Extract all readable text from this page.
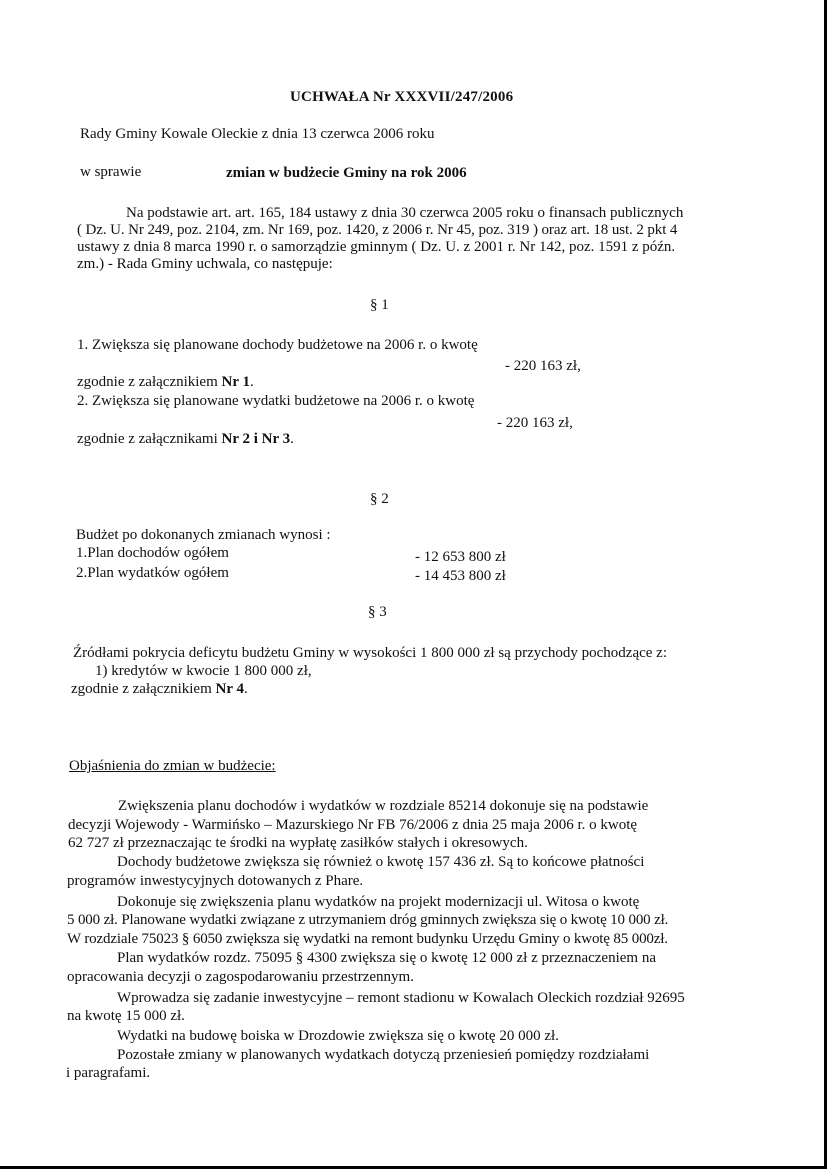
UCHWAŁA Nr XXXVII/247/2006
Rady Gminy Kowale Oleckie z dnia 13 czerwca 2006 roku
w sprawie	zmian w budżecie Gminy na rok 2006
Na podstawie art. art. 165, 184 ustawy z dnia 30 czerwca 2005 roku o finansach publicznych
( Dz. U. Nr 249, poz. 2104, zm. Nr 169, poz. 1420, z 2006 r. Nr 45, poz. 319 ) oraz art. 18 ust. 2 pkt 4
ustawy z dnia 8 marca 1990 r. o samorządzie gminnym ( Dz. U. z 2001 r. Nr 142, poz. 1591 z późn.
zm.) - Rada Gminy uchwala, co następuje:
§ 1
1. Zwiększa się planowane dochody budżetowe na 2006 r. o kwotę
- 220 163 zł,
zgodnie z załącznikiem Nr 1.
2. Zwiększa się planowane wydatki budżetowe na 2006 r. o kwotę
- 220 163 zł,
zgodnie z załącznikami Nr 2 i Nr 3.
§ 2
Budżet po dokonanych zmianach wynosi :
1.Plan dochodów ogółem	- 12 653 800 zł
2.Plan wydatków ogółem	- 14 453 800 zł
§ 3
Źródłami pokrycia deficytu budżetu Gminy w wysokości 1 800 000 zł są przychody pochodzące z:
1) kredytów w kwocie 1 800 000 zł,
zgodnie z załącznikiem Nr 4.
Objaśnienia do zmian w budżecie:
Zwiększenia planu dochodów i wydatków w rozdziale 85214 dokonuje się na podstawie
decyzji Wojewody - Warmińsko – Mazurskiego Nr FB 76/2006 z dnia 25 maja 2006 r. o kwotę
62 727 zł przeznaczając te środki na wypłatę zasiłków stałych i okresowych.
Dochody budżetowe zwiększa się również o kwotę 157 436 zł. Są to końcowe płatności
programów inwestycyjnych dotowanych z Phare.
Dokonuje się zwiększenia planu wydatków na projekt modernizacji ul. Witosa o kwotę
5 000 zł. Planowane wydatki związane z utrzymaniem dróg gminnych zwiększa się o kwotę 10 000 zł.
W rozdziale 75023 § 6050 zwiększa się wydatki na remont budynku Urzędu Gminy o kwotę 85 000zł.
Plan wydatków rozdz. 75095 § 4300 zwiększa się o kwotę 12 000 zł z przeznaczeniem na
opracowania decyzji o zagospodarowaniu przestrzennym.
Wprowadza się zadanie inwestycyjne – remont stadionu w Kowalach Oleckich rozdział 92695
na kwotę 15 000 zł.
Wydatki na budowę boiska w Drozdowie zwiększa się o kwotę 20 000 zł.
Pozostałe zmiany w planowanych wydatkach dotyczą przeniesień pomiędzy rozdziałami
i paragrafami.
